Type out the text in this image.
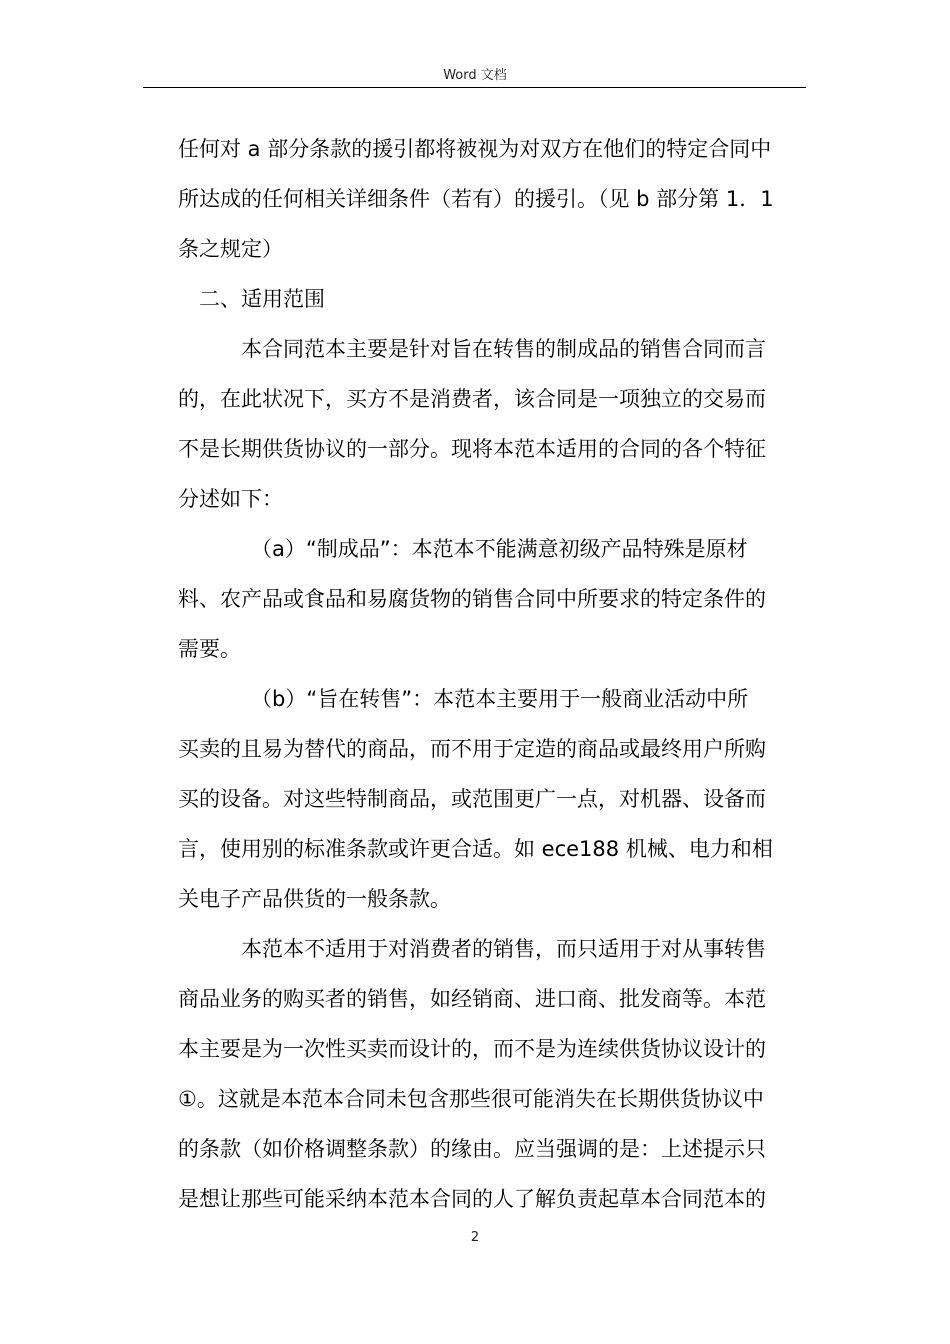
Word 文档
任何对 a 部分条款的援引都将被视为对双方在他们的特定合同中
所达成的任何相关详细条件（若有）的援引。（见 b 部分第 1．1
条之规定）
二、适用范围
本合同范本主要是针对旨在转售的制成品的销售合同而言
的，在此状况下，买方不是消费者，该合同是一项独立的交易而
不是长期供货协议的一部分。现将本范本适用的合同的各个特征
分述如下：
（a）“制成品”：本范本不能满意初级产品特殊是原材
料、农产品或食品和易腐货物的销售合同中所要求的特定条件的
需要。
（b）“旨在转售”：本范本主要用于一般商业活动中所
买卖的且易为替代的商品，而不用于定造的商品或最终用户所购
买的设备。对这些特制商品，或范围更广一点，对机器、设备而
言，使用别的标准条款或许更合适。如 ece188 机械、电力和相
关电子产品供货的一般条款。
本范本不适用于对消费者的销售，而只适用于对从事转售
商品业务的购买者的销售，如经销商、进口商、批发商等。本范
本主要是为一次性买卖而设计的，而不是为连续供货协议设计的
①。这就是本范本合同未包含那些很可能消失在长期供货协议中
的条款（如价格调整条款）的缘由。应当强调的是：上述提示只
是想让那些可能采纳本范本合同的人了解负责起草本合同范本的
2
